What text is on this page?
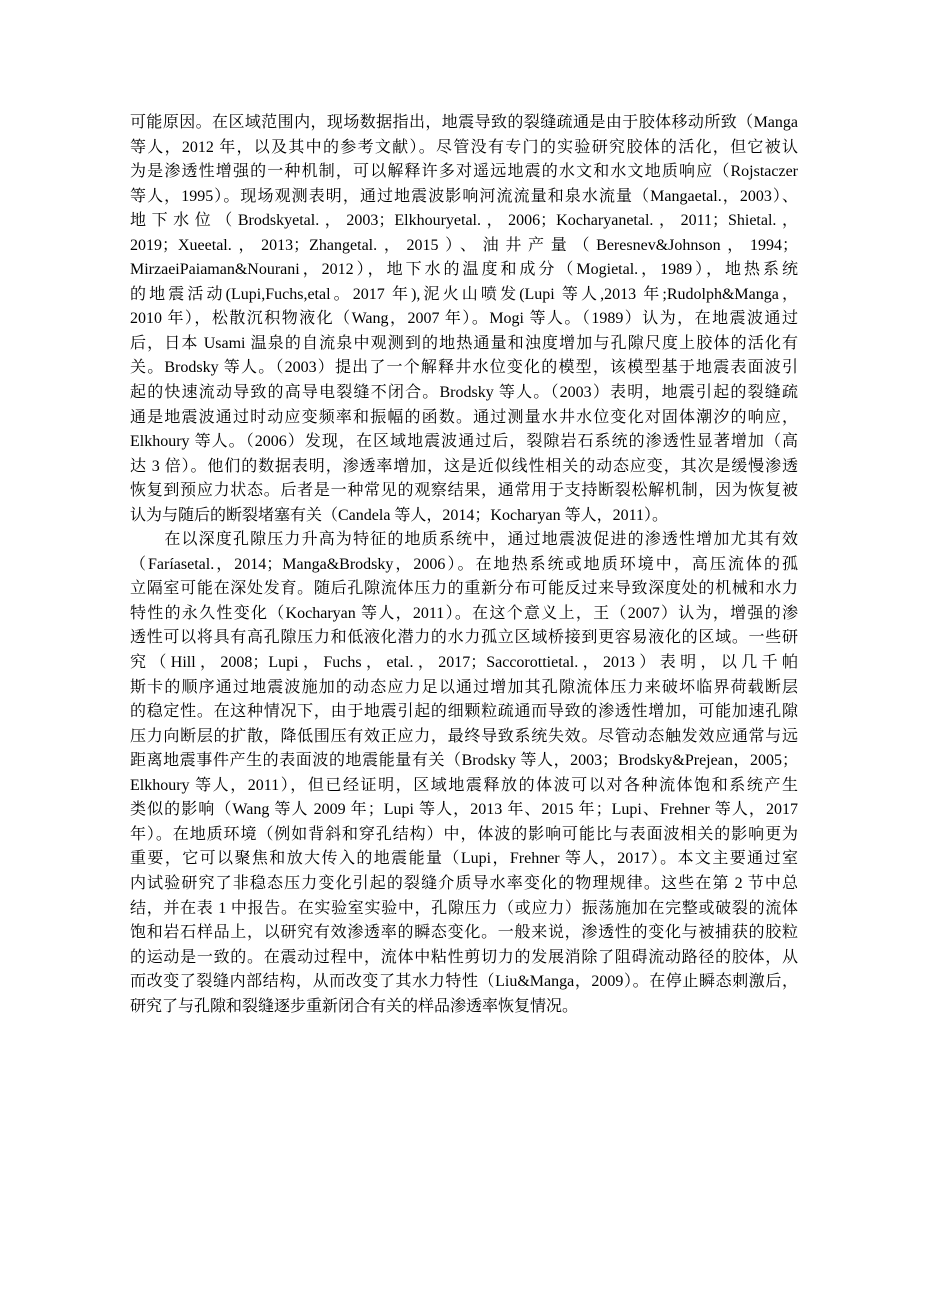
可能原因。在区域范围内，现场数据指出，地震导致的裂缝疏通是由于胶体移动所致（Manga
等人，2012 年，以及其中的参考文献）。尽管没有专门的实验研究胶体的活化，但它被认
为是渗透性增强的一种机制，可以解释许多对遥远地震的水文和水文地质响应（Rojstaczer
等人，1995）。现场观测表明，通过地震波影响河流流量和泉水流量（Mangaetal.，2003）、
地下水位（Brodskyetal.，2003；Elkhouryetal.，2006；Kocharyanetal.，2011；Shietal.，
2019；Xueetal.，2013；Zhangetal.，2015）、油井产量（Beresnev&Johnson，1994；
MirzaeiPaiaman&Nourani，2012），地下水的温度和成分（Mogietal.，1989），地热系统
的地震活动(Lupi,Fuchs,etal。2017 年),泥火山喷发(Lupi 等人,2013 年;Rudolph&Manga，
2010 年），松散沉积物液化（Wang，2007 年）。Mogi 等人。（1989）认为，在地震波通过
后，日本 Usami 温泉的自流泉中观测到的地热通量和浊度增加与孔隙尺度上胶体的活化有
关。Brodsky 等人。（2003）提出了一个解释井水位变化的模型，该模型基于地震表面波引
起的快速流动导致的高导电裂缝不闭合。Brodsky 等人。（2003）表明，地震引起的裂缝疏
通是地震波通过时动应变频率和振幅的函数。通过测量水井水位变化对固体潮汐的响应，
Elkhoury 等人。（2006）发现，在区域地震波通过后，裂隙岩石系统的渗透性显著增加（高
达 3 倍）。他们的数据表明，渗透率增加，这是近似线性相关的动态应变，其次是缓慢渗透
恢复到预应力状态。后者是一种常见的观察结果，通常用于支持断裂松解机制，因为恢复被
认为与随后的断裂堵塞有关（Candela 等人，2014；Kocharyan 等人，2011）。
　　在以深度孔隙压力升高为特征的地质系统中，通过地震波促进的渗透性增加尤其有效
（Faríasetal.，2014；Manga&Brodsky，2006）。在地热系统或地质环境中，高压流体的孤
立隔室可能在深处发育。随后孔隙流体压力的重新分布可能反过来导致深度处的机械和水力
特性的永久性变化（Kocharyan 等人，2011）。在这个意义上，王（2007）认为，增强的渗
透性可以将具有高孔隙压力和低液化潜力的水力孤立区域桥接到更容易液化的区域。一些研
究（Hill，2008；Lupi，Fuchs，etal.，2017；Saccorottietal.，2013）表明，以几千帕
斯卡的顺序通过地震波施加的动态应力足以通过增加其孔隙流体压力来破坏临界荷载断层
的稳定性。在这种情况下，由于地震引起的细颗粒疏通而导致的渗透性增加，可能加速孔隙
压力向断层的扩散，降低围压有效正应力，最终导致系统失效。尽管动态触发效应通常与远
距离地震事件产生的表面波的地震能量有关（Brodsky 等人，2003；Brodsky&Prejean，2005；
Elkhoury 等人，2011），但已经证明，区域地震释放的体波可以对各种流体饱和系统产生
类似的影响（Wang 等人 2009 年；Lupi 等人，2013 年、2015 年；Lupi、Frehner 等人，2017
年）。在地质环境（例如背斜和穿孔结构）中，体波的影响可能比与表面波相关的影响更为
重要，它可以聚焦和放大传入的地震能量（Lupi，Frehner 等人，2017）。本文主要通过室
内试验研究了非稳态压力变化引起的裂缝介质导水率变化的物理规律。这些在第 2 节中总
结，并在表 1 中报告。在实验室实验中，孔隙压力（或应力）振荡施加在完整或破裂的流体
饱和岩石样品上，以研究有效渗透率的瞬态变化。一般来说，渗透性的变化与被捕获的胶粒
的运动是一致的。在震动过程中，流体中粘性剪切力的发展消除了阻碍流动路径的胶体，从
而改变了裂缝内部结构，从而改变了其水力特性（Liu&Manga，2009）。在停止瞬态刺激后，
研究了与孔隙和裂缝逐步重新闭合有关的样品渗透率恢复情况。
